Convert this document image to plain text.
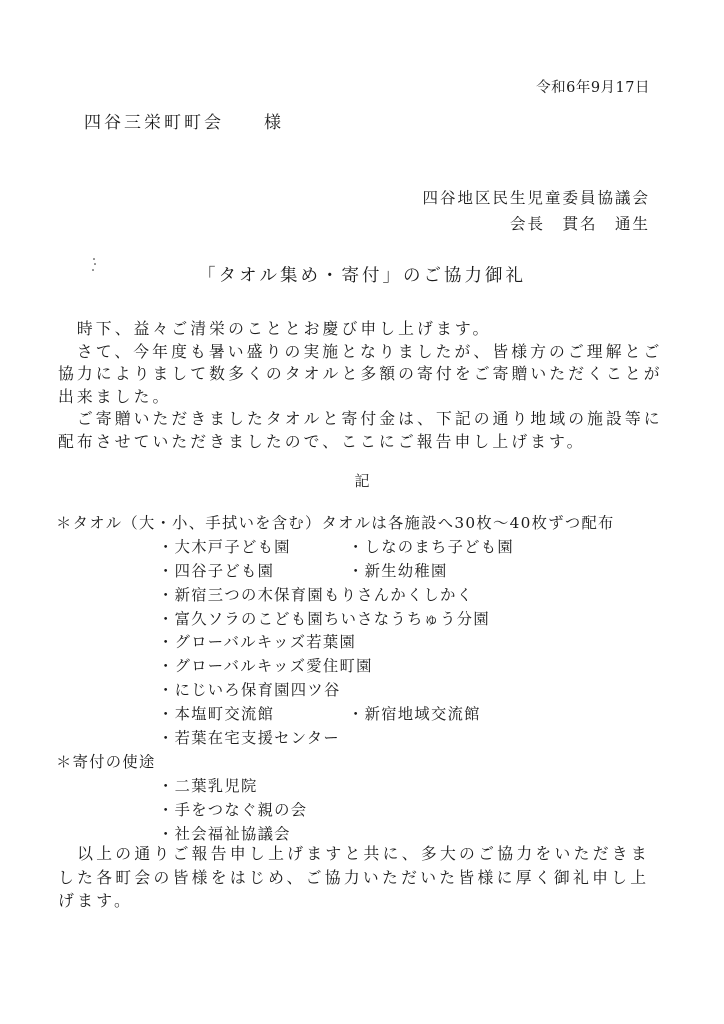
令和6年9月17日
四谷三栄町町会　　様
四谷地区民生児童委員協議会
会長　貫名　通生
「タオル集め・寄付」のご協力御礼
　時下、益々ご清栄のこととお慶び申し上げます。
　さて、今年度も暑い盛りの実施となりましたが、皆様方のご理解とご協力によりまして数多くのタオルと多額の寄付をご寄贈いただくことが出来ました。
　ご寄贈いただきましたタオルと寄付金は、下記の通り地域の施設等に配布させていただきましたので、ここにご報告申し上げます。
記
＊タオル（大・小、手拭いを含む）タオルは各施設へ30枚～40枚ずつ配布
・大木戸子ども園	・しなのまち子ども園
・四谷子ども園	・新生幼稚園
・新宿三つの木保育園もりさんかくしかく
・富久ソラのこども園ちいさなうちゅう分園
・グローバルキッズ若葉園
・グローバルキッズ愛住町園
・にじいろ保育園四ツ谷
・本塩町交流館	・新宿地域交流館
・若葉在宅支援センター
＊寄付の使途
・二葉乳児院
・手をつなぐ親の会
・社会福祉協議会
　以上の通りご報告申し上げますと共に、多大のご協力をいただきました各町会の皆様をはじめ、ご協力いただいた皆様に厚く御礼申し上げます。
